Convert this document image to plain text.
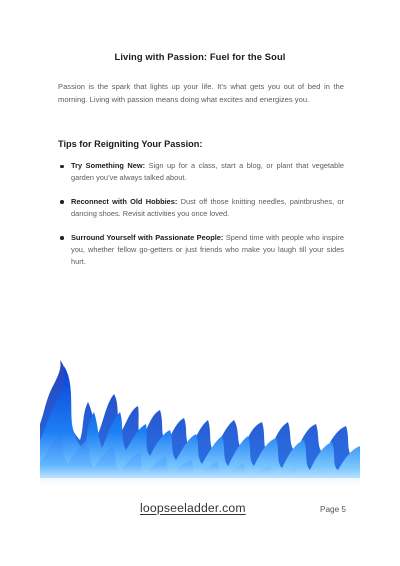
Living with Passion: Fuel for the Soul

Passion is the spark that lights up your life. It’s what gets you out of bed in the morning. Living with passion means doing what excites and energizes you.

Tips for Reigniting Your Passion:
Try Something New: Sign up for a class, start a blog, or plant that vegetable garden you’ve always talked about.
Reconnect with Old Hobbies: Dust off those knitting needles, paintbrushes, or dancing shoes. Revisit activities you once loved.
Surround Yourself with Passionate People: Spend time with people who inspire you, whether fellow go-getters or just friends who make you laugh till your sides hurt.
loopseeladder.com	Page 5
